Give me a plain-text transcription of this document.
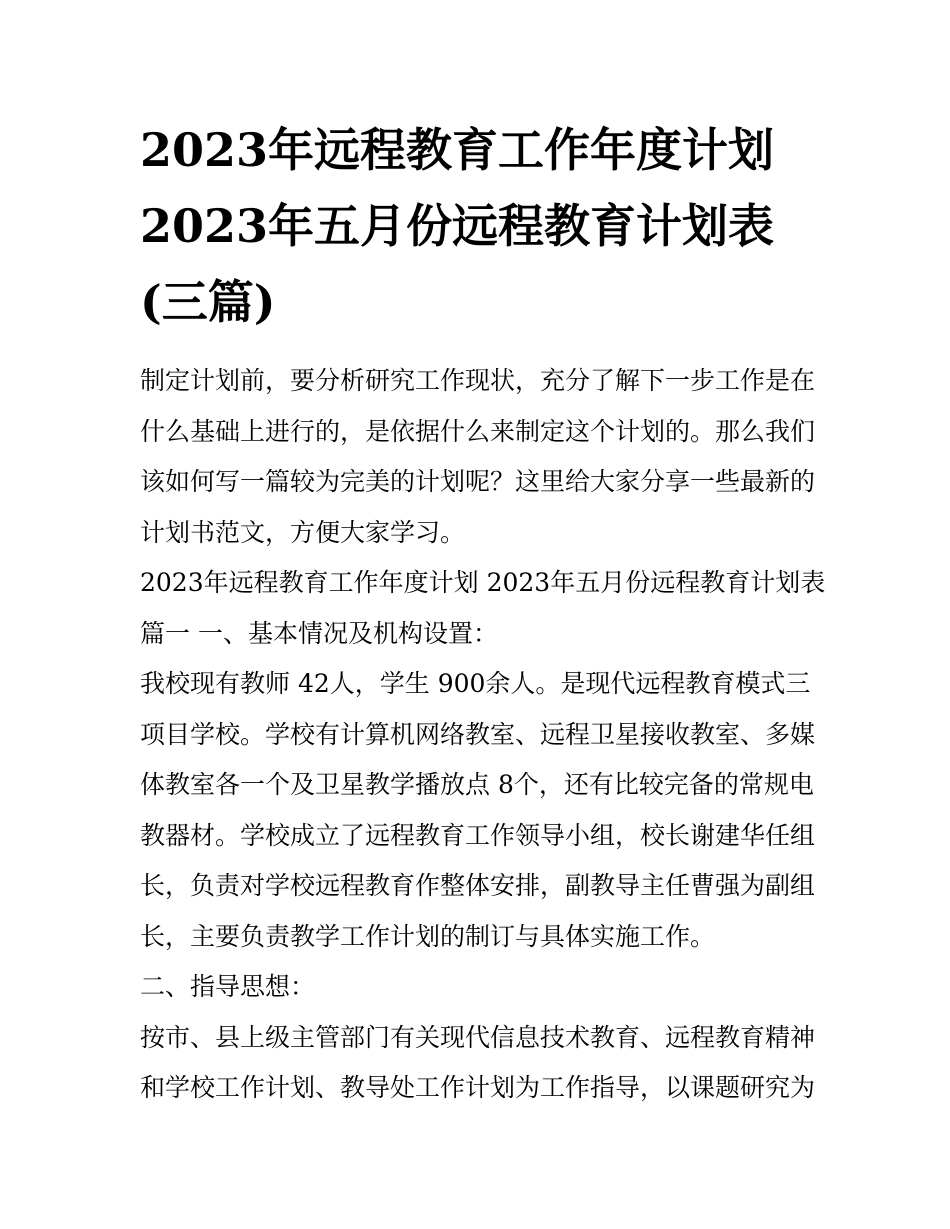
2023年远程教育工作年度计划
2023年五月份远程教育计划表
(三篇)
制定计划前，要分析研究工作现状，充分了解下一步工作是在
什么基础上进行的，是依据什么来制定这个计划的。那么我们
该如何写一篇较为完美的计划呢？这里给大家分享一些最新的
计划书范文，方便大家学习。
2023年远程教育工作年度计划 2023年五月份远程教育计划表
篇一 一、基本情况及机构设置：
我校现有教师 42人，学生 900余人。是现代远程教育模式三
项目学校。学校有计算机网络教室、远程卫星接收教室、多媒
体教室各一个及卫星教学播放点 8个，还有比较完备的常规电
教器材。学校成立了远程教育工作领导小组，校长谢建华任组
长，负责对学校远程教育作整体安排，副教导主任曹强为副组
长，主要负责教学工作计划的制订与具体实施工作。
二、指导思想：
按市、县上级主管部门有关现代信息技术教育、远程教育精神
和学校工作计划、教导处工作计划为工作指导，以课题研究为
